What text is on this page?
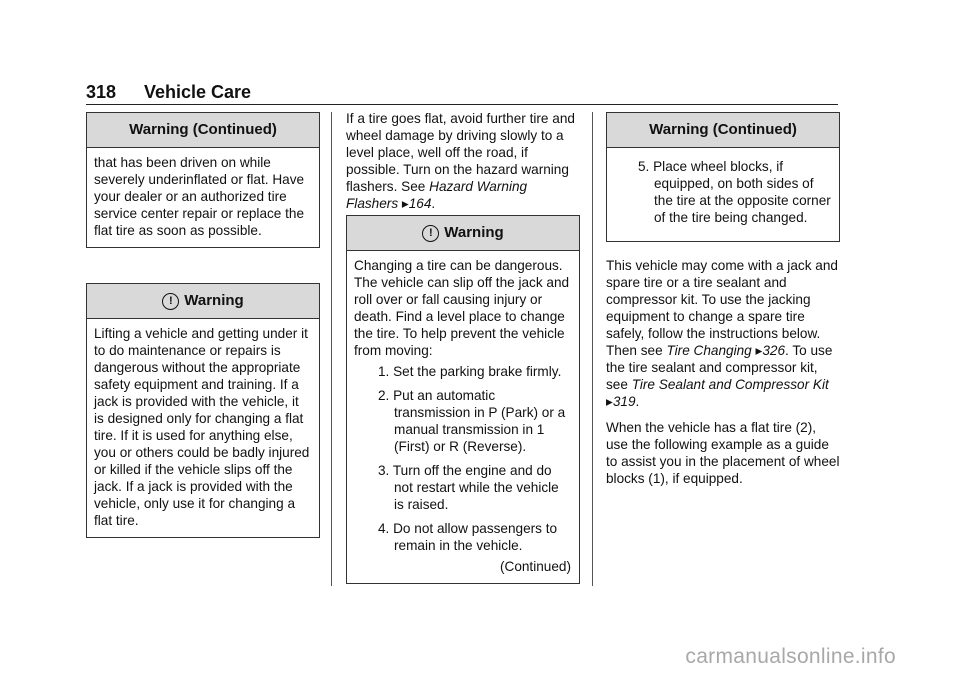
318 Vehicle Care
Warning (Continued)

that has been driven on while severely underinflated or flat. Have your dealer or an authorized tire service center repair or replace the flat tire as soon as possible.

! Warning

Lifting a vehicle and getting under it to do maintenance or repairs is dangerous without the appropriate safety equipment and training. If a jack is provided with the vehicle, it is designed only for changing a flat tire. If it is used for anything else, you or others could be badly injured or killed if the vehicle slips off the jack. If a jack is provided with the vehicle, only use it for changing a flat tire.

If a tire goes flat, avoid further tire and wheel damage by driving slowly to a level place, well off the road, if possible. Turn on the hazard warning flashers. See Hazard Warning Flashers ▸164.

! Warning

Changing a tire can be dangerous. The vehicle can slip off the jack and roll over or fall causing injury or death. Find a level place to change the tire. To help prevent the vehicle from moving:

1. Set the parking brake firmly.
2. Put an automatic transmission in P (Park) or a manual transmission in 1 (First) or R (Reverse).
3. Turn off the engine and do not restart while the vehicle is raised.
4. Do not allow passengers to remain in the vehicle.
(Continued)
Warning (Continued)
5. Place wheel blocks, if equipped, on both sides of the tire at the opposite corner of the tire being changed.

This vehicle may come with a jack and spare tire or a tire sealant and compressor kit. To use the jacking equipment to change a spare tire safely, follow the instructions below. Then see Tire Changing ▸326. To use the tire sealant and compressor kit, see Tire Sealant and Compressor Kit ▸319.

When the vehicle has a flat tire (2), use the following example as a guide to assist you in the placement of wheel blocks (1), if equipped.

carmanualsonline.info
